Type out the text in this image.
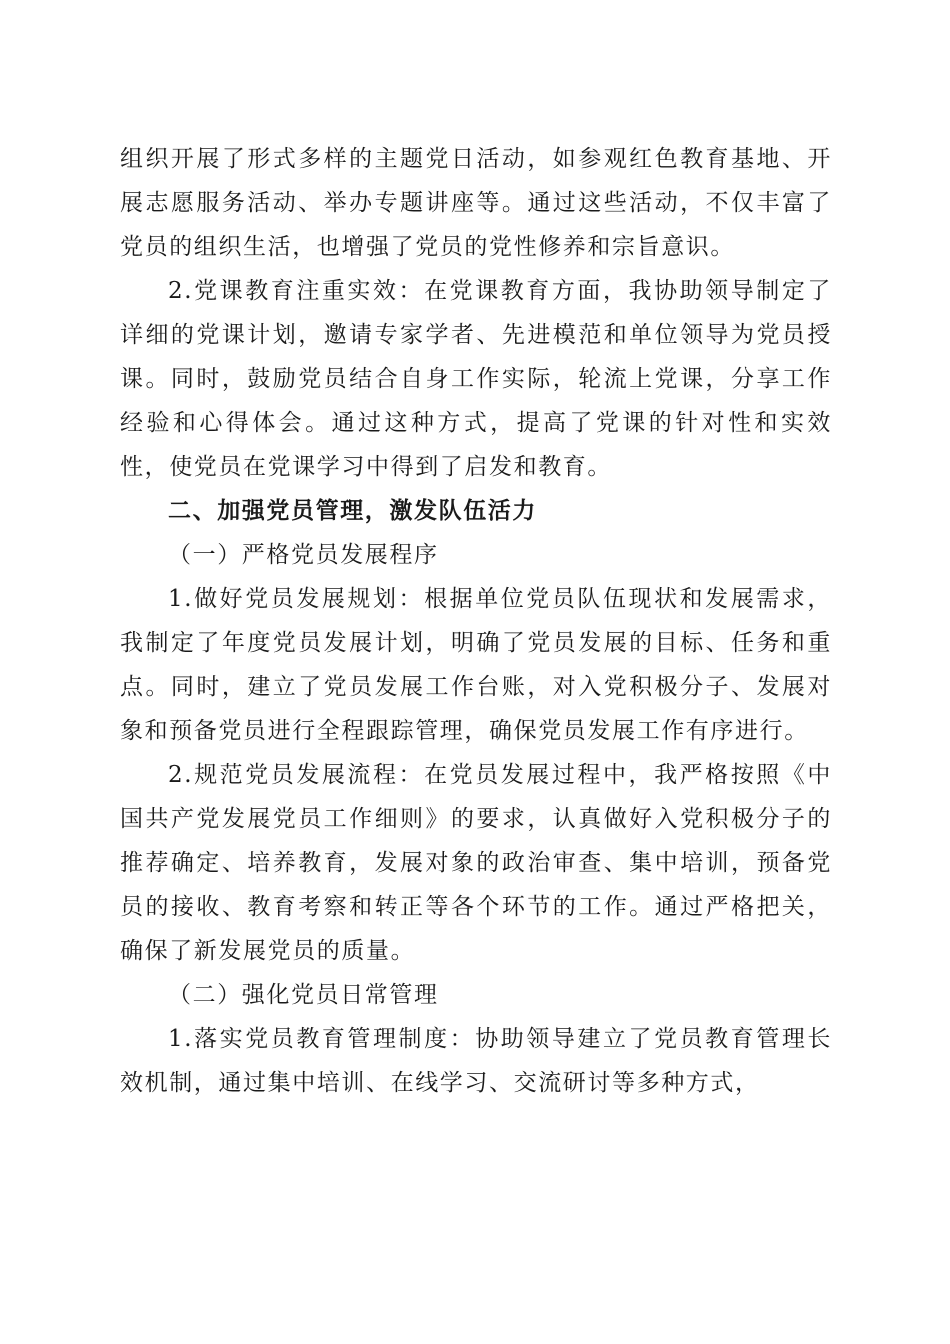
组织开展了形式多样的主题党日活动，如参观红色教育基地、开展志愿服务活动、举办专题讲座等。通过这些活动，不仅丰富了党员的组织生活，也增强了党员的党性修养和宗旨意识。

2.党课教育注重实效：在党课教育方面，我协助领导制定了详细的党课计划，邀请专家学者、先进模范和单位领导为党员授课。同时，鼓励党员结合自身工作实际，轮流上党课，分享工作经验和心得体会。通过这种方式，提高了党课的针对性和实效性，使党员在党课学习中得到了启发和教育。

二、加强党员管理，激发队伍活力

（一）严格党员发展程序

1.做好党员发展规划：根据单位党员队伍现状和发展需求，我制定了年度党员发展计划，明确了党员发展的目标、任务和重点。同时，建立了党员发展工作台账，对入党积极分子、发展对象和预备党员进行全程跟踪管理，确保党员发展工作有序进行。

2.规范党员发展流程：在党员发展过程中，我严格按照《中国共产党发展党员工作细则》的要求，认真做好入党积极分子的推荐确定、培养教育，发展对象的政治审查、集中培训，预备党员的接收、教育考察和转正等各个环节的工作。通过严格把关，确保了新发展党员的质量。

（二）强化党员日常管理

1.落实党员教育管理制度：协助领导建立了党员教育管理长效机制，通过集中培训、在线学习、交流研讨等多种方式，
